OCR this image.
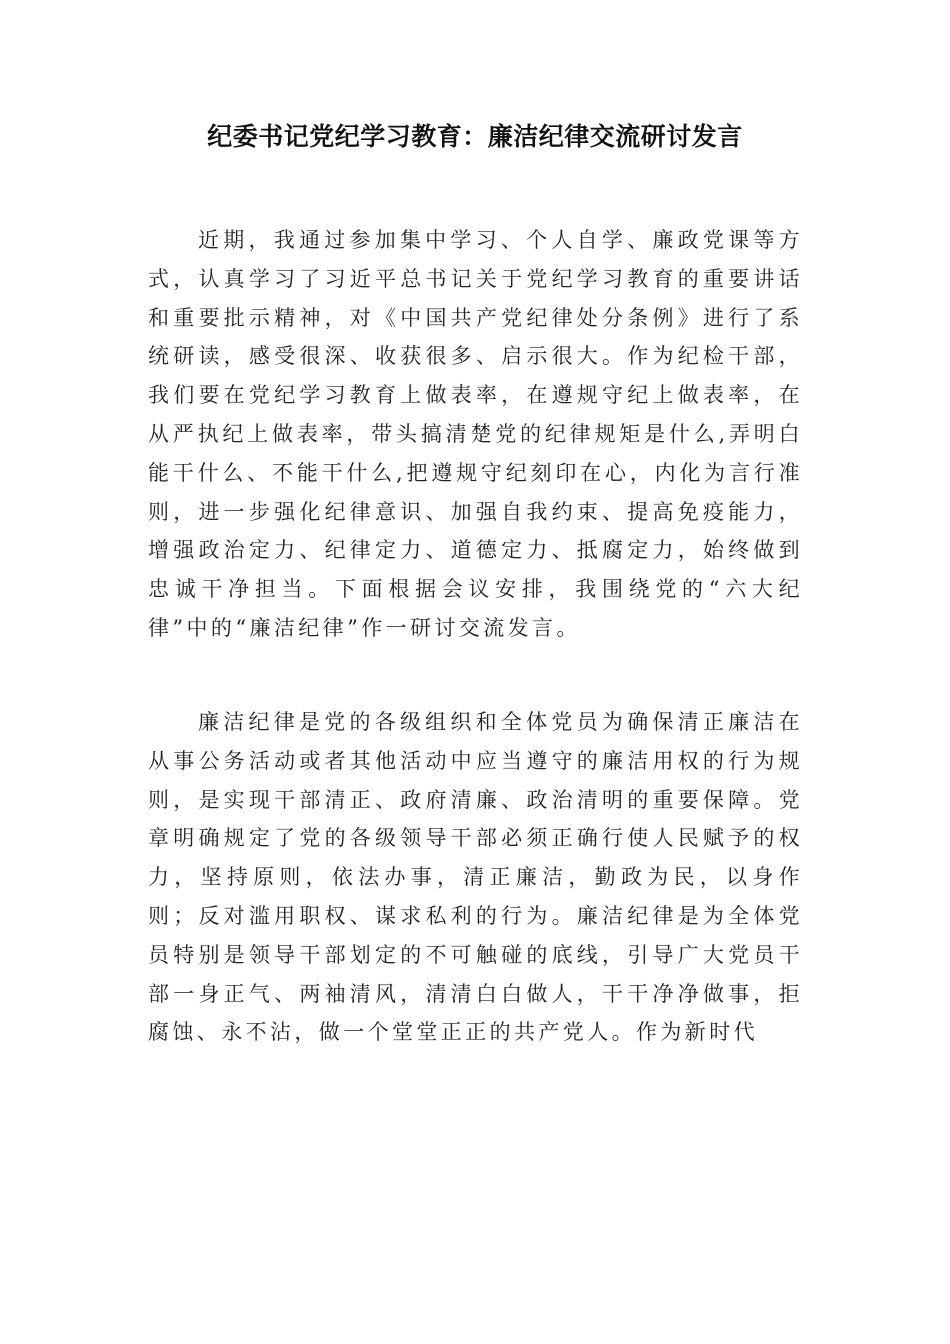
纪委书记党纪学习教育：廉洁纪律交流研讨发言

近期，我通过参加集中学习、个人自学、廉政党课等方式，认真学习了习近平总书记关于党纪学习教育的重要讲话和重要批示精神，对《中国共产党纪律处分条例》进行了系统研读，感受很深、收获很多、启示很大。作为纪检干部，我们要在党纪学习教育上做表率，在遵规守纪上做表率，在从严执纪上做表率，带头搞清楚党的纪律规矩是什么,弄明白能干什么、不能干什么,把遵规守纪刻印在心，内化为言行准则，进一步强化纪律意识、加强自我约束、提高免疫能力，增强政治定力、纪律定力、道德定力、抵腐定力，始终做到忠诚干净担当。下面根据会议安排，我围绕党的“六大纪律”中的“廉洁纪律”作一研讨交流发言。

廉洁纪律是党的各级组织和全体党员为确保清正廉洁在从事公务活动或者其他活动中应当遵守的廉洁用权的行为规则，是实现干部清正、政府清廉、政治清明的重要保障。党章明确规定了党的各级领导干部必须正确行使人民赋予的权力，坚持原则，依法办事，清正廉洁，勤政为民，以身作则；反对滥用职权、谋求私利的行为。廉洁纪律是为全体党员特别是领导干部划定的不可触碰的底线，引导广大党员干部一身正气、两袖清风，清清白白做人，干干净净做事，拒腐蚀、永不沾，做一个堂堂正正的共产党人。作为新时代
